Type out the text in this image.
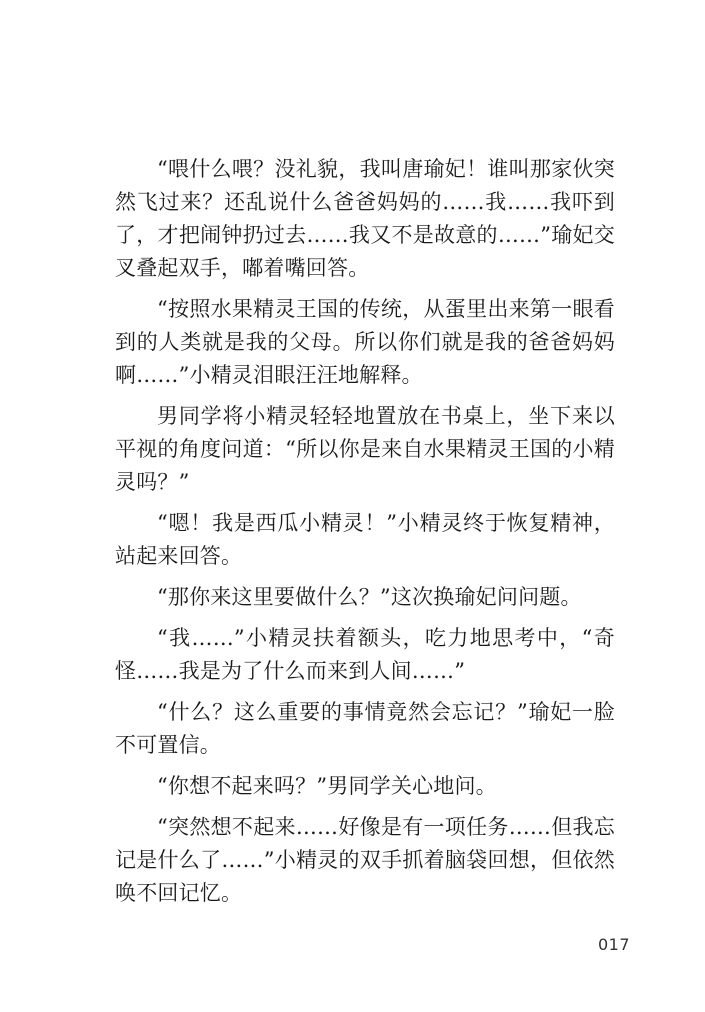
“喂什么喂？没礼貌，我叫唐瑜妃！谁叫那家伙突然飞过来？还乱说什么爸爸妈妈的……我……我吓到了，才把闹钟扔过去……我又不是故意的……”瑜妃交叉叠起双手，嘟着嘴回答。

“按照水果精灵王国的传统，从蛋里出来第一眼看到的人类就是我的父母。所以你们就是我的爸爸妈妈啊……”小精灵泪眼汪汪地解释。

男同学将小精灵轻轻地置放在书桌上，坐下来以平视的角度问道：“所以你是来自水果精灵王国的小精灵吗？”

“嗯！我是西瓜小精灵！”小精灵终于恢复精神，站起来回答。

“那你来这里要做什么？”这次换瑜妃问问题。

“我……”小精灵扶着额头，吃力地思考中，“奇怪……我是为了什么而来到人间……”

“什么？这么重要的事情竟然会忘记？”瑜妃一脸不可置信。

“你想不起来吗？”男同学关心地问。

“突然想不起来……好像是有一项任务……但我忘记是什么了……”小精灵的双手抓着脑袋回想，但依然唤不回记忆。

017
